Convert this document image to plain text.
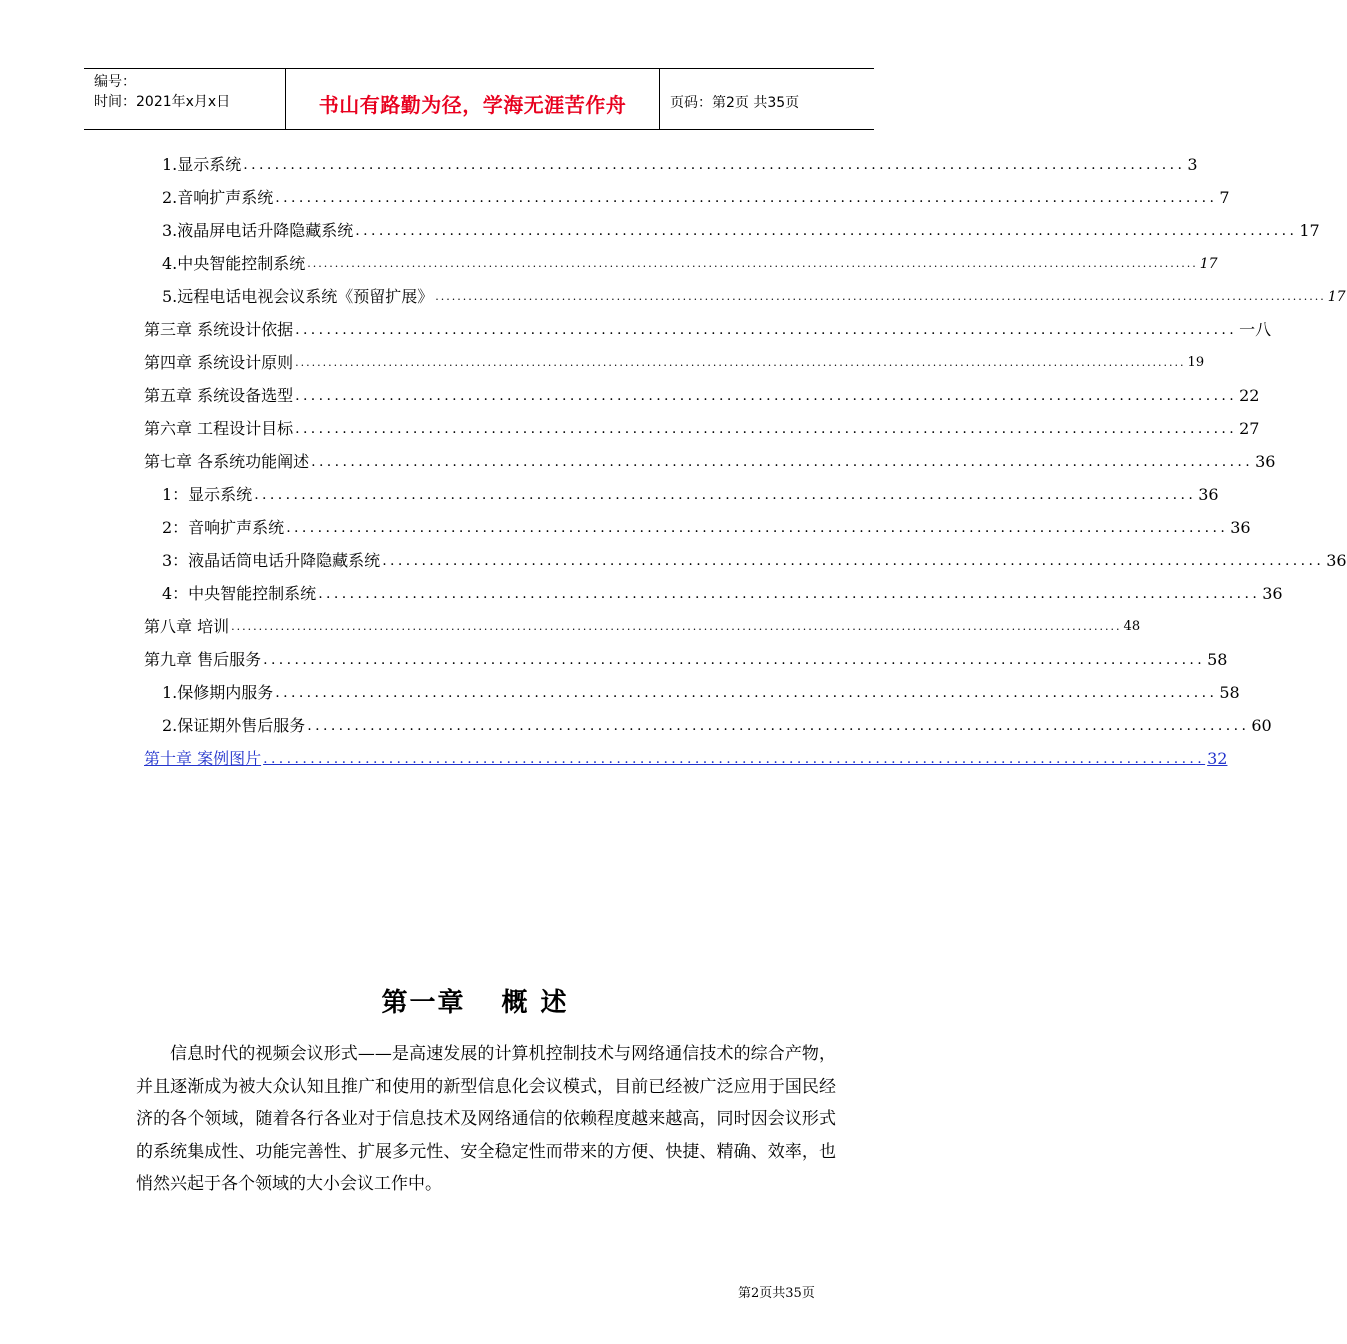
编号：
时间：2021年x月x日	书山有路勤为径，学海无涯苦作舟	页码：第2页 共35页
1.显示系统 ........................................................................................................................ 3
2.音响扩声系统 ........................................................................................................................ 7
3.液晶屏电话升降隐藏系统 ........................................................................................................................ 17
4.中央智能控制系统 .................................................................................................................................................................. 17
5.远程电话电视会议系统《预留扩展》 .................................................................................................................................................................. 17
第三章 系统设计依据 ........................................................................................................................ 一八
第四章 系统设计原则 .................................................................................................................................................................. 19
第五章 系统设备选型 ........................................................................................................................ 22
第六章 工程设计目标 ........................................................................................................................ 27
第七章 各系统功能阐述 ........................................................................................................................ 36
1：显示系统 ........................................................................................................................ 36
2：音响扩声系统 ........................................................................................................................ 36
3：液晶话筒电话升降隐藏系统 ........................................................................................................................ 36
4：中央智能控制系统 ........................................................................................................................ 36
第八章 培训 .................................................................................................................................................................. 48
第九章 售后服务 ........................................................................................................................ 58
1.保修期内服务 ........................................................................................................................ 58
2.保证期外售后服务 ........................................................................................................................ 60
第十章 案例图片 ........................................................................................................................ 32
第一章 概 述

信息时代的视频会议形式——是高速发展的计算机控制技术与网络通信技术的综合产物，并且逐渐成为被大众认知且推广和使用的新型信息化会议模式，目前已经被广泛应用于国民经济的各个领域，随着各行各业对于信息技术及网络通信的依赖程度越来越高，同时因会议形式的系统集成性、功能完善性、扩展多元性、安全稳定性而带来的方便、快捷、精确、效率，也悄然兴起于各个领域的大小会议工作中。

第2页共35页
